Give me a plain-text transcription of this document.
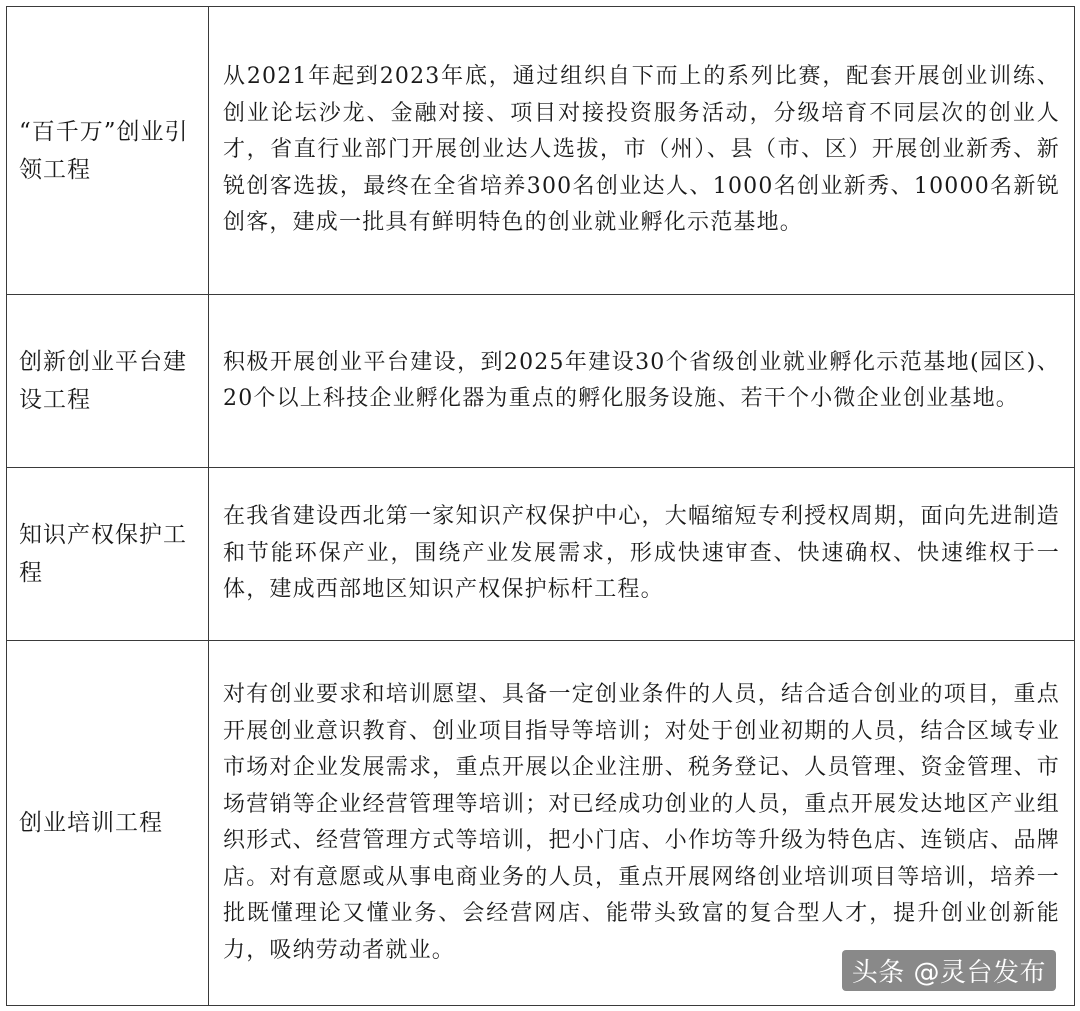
“百千万”创业引领工程
从2021年起到2023年底，通过组织自下而上的系列比赛，配套开展创业训练、创业论坛沙龙、金融对接、项目对接投资服务活动，分级培育不同层次的创业人才，省直行业部门开展创业达人选拔，市（州）、县（市、区）开展创业新秀、新锐创客选拔，最终在全省培养300名创业达人、1000名创业新秀、10000名新锐创客，建成一批具有鲜明特色的创业就业孵化示范基地。
创新创业平台建设工程
积极开展创业平台建设，到2025年建设30个省级创业就业孵化示范基地(园区)、20个以上科技企业孵化器为重点的孵化服务设施、若干个小微企业创业基地。
知识产权保护工程
在我省建设西北第一家知识产权保护中心，大幅缩短专利授权周期，面向先进制造和节能环保产业，围绕产业发展需求，形成快速审查、快速确权、快速维权于一体，建成西部地区知识产权保护标杆工程。
创业培训工程
对有创业要求和培训愿望、具备一定创业条件的人员，结合适合创业的项目，重点开展创业意识教育、创业项目指导等培训；对处于创业初期的人员，结合区域专业市场对企业发展需求，重点开展以企业注册、税务登记、人员管理、资金管理、市场营销等企业经营管理等培训；对已经成功创业的人员，重点开展发达地区产业组织形式、经营管理方式等培训，把小门店、小作坊等升级为特色店、连锁店、品牌店。对有意愿或从事电商业务的人员，重点开展网络创业培训项目等培训，培养一批既懂理论又懂业务、会经营网店、能带头致富的复合型人才，提升创业创新能力，吸纳劳动者就业。
头条 @灵台发布
